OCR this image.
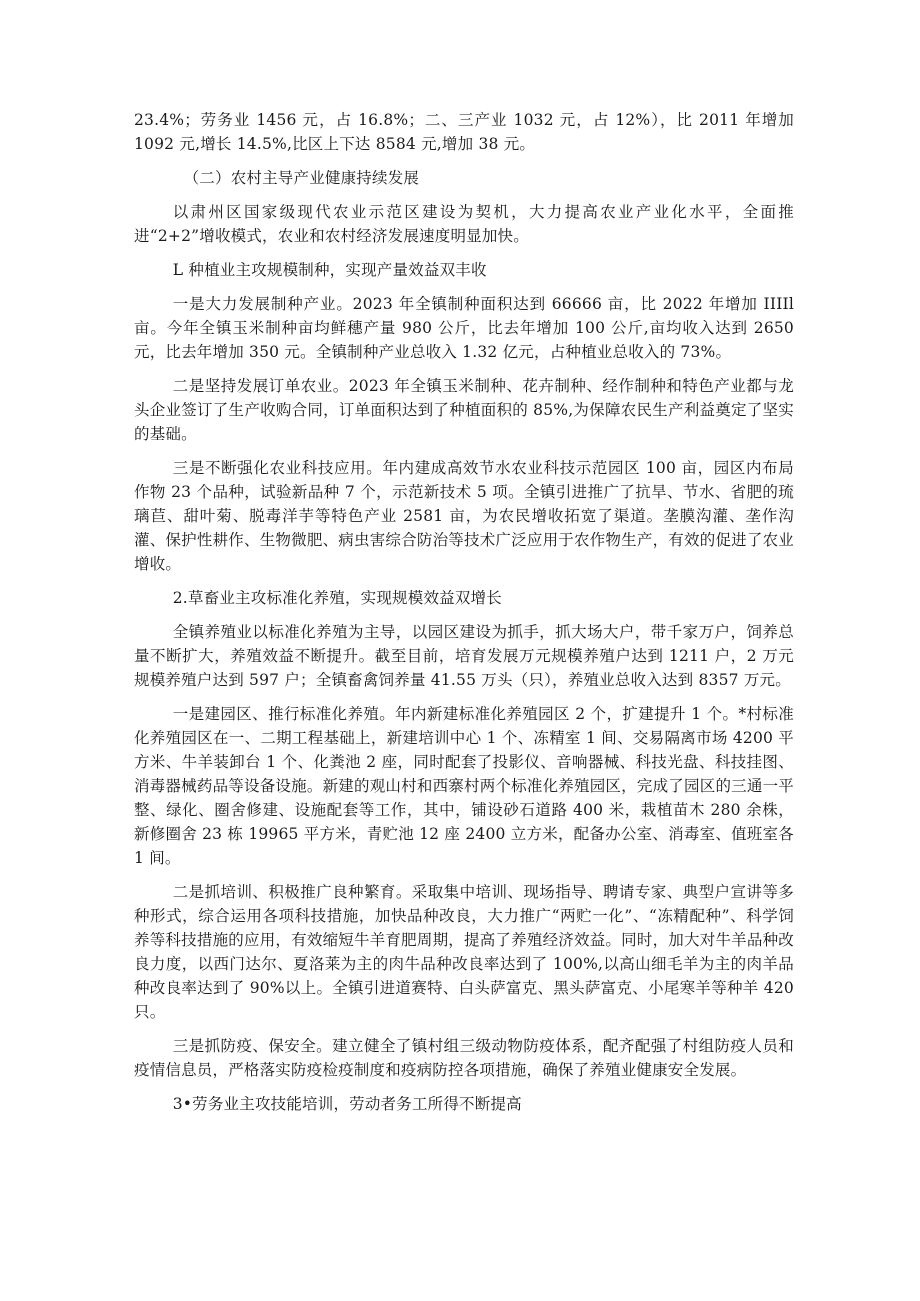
23.4%；劳务业 1456 元，占 16.8%；二、三产业 1032 元，占 12%），比 2011 年增加 1092 元,增长 14.5%,比区上下达 8584 元,增加 38 元。

（二）农村主导产业健康持续发展

以肃州区国家级现代农业示范区建设为契机，大力提高农业产业化水平，全面推进“2+2”增收模式，农业和农村经济发展速度明显加快。

L 种植业主攻规模制种，实现产量效益双丰收

一是大力发展制种产业。2023 年全镇制种面积达到 66666 亩，比 2022 年增加 IIIIl 亩。今年全镇玉米制种亩均鲜穗产量 980 公斤，比去年增加 100 公斤,亩均收入达到 2650 元，比去年增加 350 元。全镇制种产业总收入 1.32 亿元，占种植业总收入的 73%。

二是坚持发展订单农业。2023 年全镇玉米制种、花卉制种、经作制种和特色产业都与龙头企业签订了生产收购合同，订单面积达到了种植面积的 85%,为保障农民生产利益奠定了坚实的基础。

三是不断强化农业科技应用。年内建成高效节水农业科技示范园区 100 亩，园区内布局作物 23 个品种，试验新品种 7 个，示范新技术 5 项。全镇引进推广了抗旱、节水、省肥的琉璃苣、甜叶菊、脱毒洋芋等特色产业 2581 亩，为农民增收拓宽了渠道。垄膜沟灌、垄作沟灌、保护性耕作、生物微肥、病虫害综合防治等技术广泛应用于农作物生产，有效的促进了农业增收。

2.草畜业主攻标准化养殖，实现规模效益双增长

全镇养殖业以标准化养殖为主导，以园区建设为抓手，抓大场大户，带千家万户，饲养总量不断扩大，养殖效益不断提升。截至目前，培育发展万元规模养殖户达到 1211 户，2 万元规模养殖户达到 597 户；全镇畜禽饲养量 41.55 万头（只），养殖业总收入达到 8357 万元。

一是建园区、推行标准化养殖。年内新建标准化养殖园区 2 个，扩建提升 1 个。*村标准化养殖园区在一、二期工程基础上，新建培训中心 1 个、冻精室 1 间、交易隔离市场 4200 平方米、牛羊装卸台 1 个、化粪池 2 座，同时配套了投影仪、音响器械、科技光盘、科技挂图、消毒器械药品等设备设施。新建的观山村和西寨村两个标准化养殖园区，完成了园区的三通一平整、绿化、圈舍修建、设施配套等工作，其中，铺设砂石道路 400 米，栽植苗木 280 余株，新修圈舍 23 栋 19965 平方米，青贮池 12 座 2400 立方米，配备办公室、消毒室、值班室各 1 间。

二是抓培训、积极推广良种繁育。采取集中培训、现场指导、聘请专家、典型户宣讲等多种形式，综合运用各项科技措施，加快品种改良，大力推广“两贮一化”、“冻精配种”、科学饲养等科技措施的应用，有效缩短牛羊育肥周期，提高了养殖经济效益。同时，加大对牛羊品种改良力度，以西门达尔、夏洛莱为主的肉牛品种改良率达到了 100%,以高山细毛羊为主的肉羊品种改良率达到了 90%以上。全镇引进道赛特、白头萨富克、黑头萨富克、小尾寒羊等种羊 420 只。

三是抓防疫、保安全。建立健全了镇村组三级动物防疫体系，配齐配强了村组防疫人员和疫情信息员，严格落实防疫检疫制度和疫病防控各项措施，确保了养殖业健康安全发展。

3•劳务业主攻技能培训，劳动者务工所得不断提高
